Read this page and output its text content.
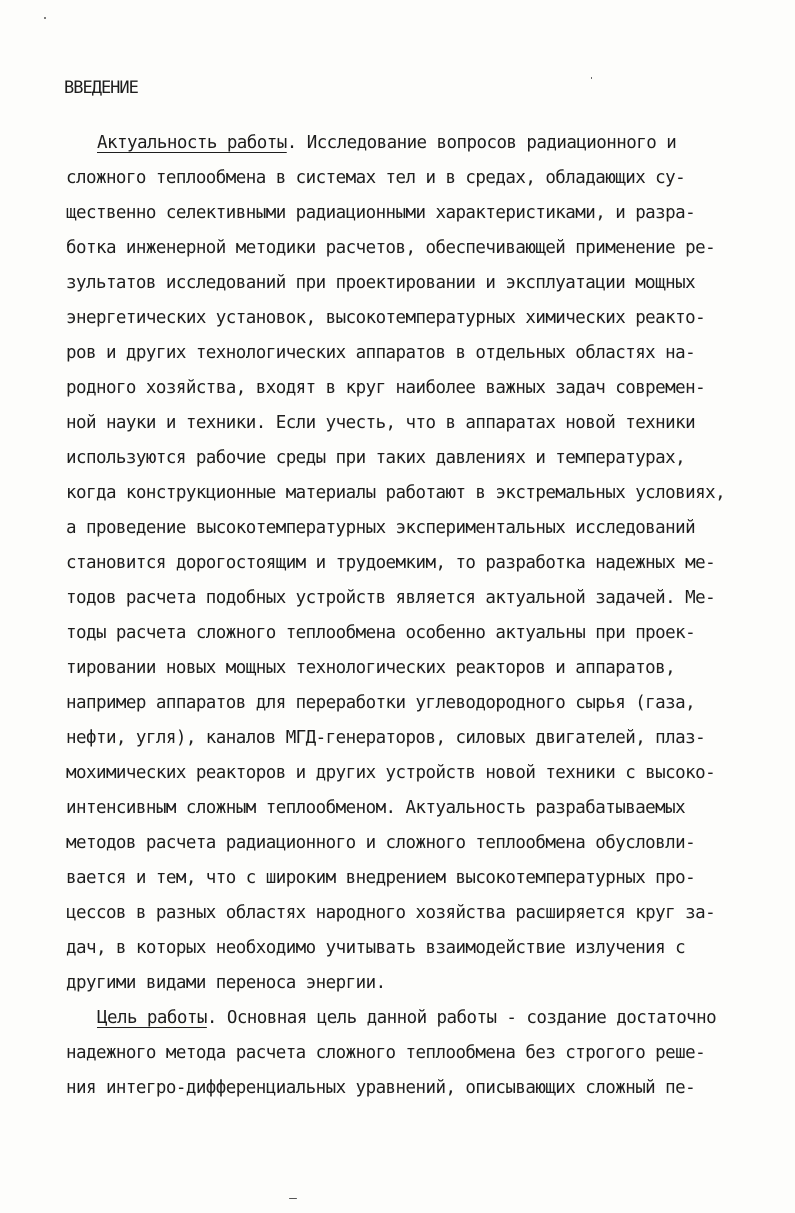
ВВЕДЕНИЕ
Актуальность работы. Исследование вопросов радиационного и
сложного теплообмена в системах тел и в средах, обладающих су-
щественно селективными радиационными характеристиками, и разра-
ботка инженерной методики расчетов, обеспечивающей применение ре-
зультатов исследований при проектировании и эксплуатации мощных
энергетических установок, высокотемпературных химических реакто-
ров и других технологических аппаратов в отдельных областях на-
родного хозяйства, входят в круг наиболее важных задач современ-
ной науки и техники. Если учесть, что в аппаратах новой техники
используются рабочие среды при таких давлениях и температурах,
когда конструкционные материалы работают в экстремальных условиях,
а проведение высокотемпературных экспериментальных исследований
становится дорогостоящим и трудоемким, то разработка надежных ме-
тодов расчета подобных устройств является актуальной задачей. Ме-
тоды расчета сложного теплообмена особенно актуальны при проек-
тировании новых мощных технологических реакторов и аппаратов,
например аппаратов для переработки углеводородного сырья (газа,
нефти, угля), каналов МГД-генераторов, силовых двигателей, плаз-
мохимических реакторов и других устройств новой техники с высоко-
интенсивным сложным теплообменом. Актуальность разрабатываемых
методов расчета радиационного и сложного теплообмена обусловли-
вается и тем, что с широким внедрением высокотемпературных про-
цессов в разных областях народного хозяйства расширяется круг за-
дач, в которых необходимо учитывать взаимодействие излучения с
другими видами переноса энергии.
Цель работы. Основная цель данной работы - создание достаточно
надежного метода расчета сложного теплообмена без строгого реше-
ния интегро-дифференциальных уравнений, описывающих сложный пе-
